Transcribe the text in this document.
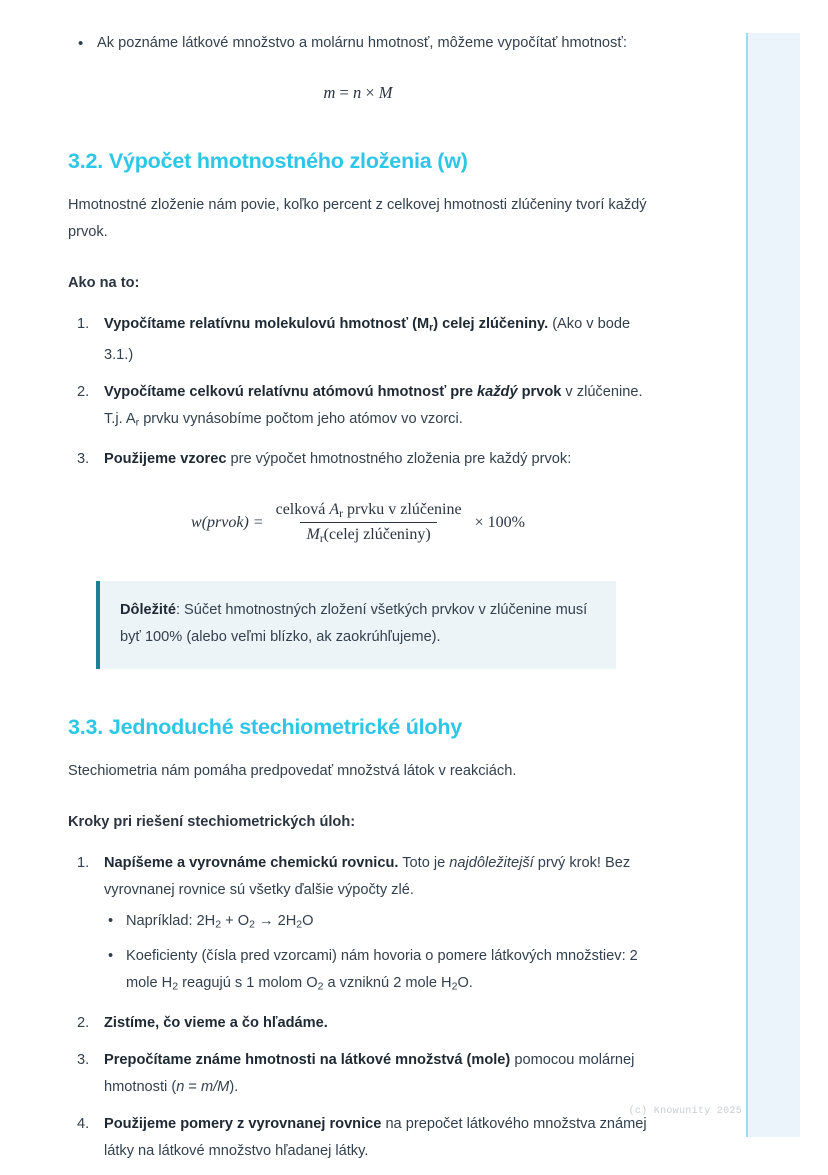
• Ak poznáme látkové množstvo a molárnu hmotnosť, môžeme vypočítať hmotnosť:
m = n × M
3.2. Výpočet hmotnostného zloženia (w)

Hmotnostné zloženie nám povie, koľko percent z celkovej hmotnosti zlúčeniny tvorí každý prvok.

Ako na to:

Vypočítame relatívnu molekulovú hmotnosť $(M_r)$ celej zlúčeniny. (Ako v bode 3.1.)
Vypočítame celkovú relatívnu atómovú hmotnosť pre každý prvok v zlúčenine. T.j. $A_r$ prvku vynásobíme počtom jeho atómov vo vzorci.
Použijeme vzorec pre výpočet hmotnostného zloženia pre každý prvok:
w(prvok) = $\frac{celková A_r prvku v zlúčenine}{M_r(celej zlúčeniny)} \times 100\%$

Dôležité: Súčet hmotnostných zložení všetkých prvkov v zlúčenine musí byť 100% (alebo veľmi blízko, ak zaokrúhľujeme).

3.3. Jednoduché stechiometrické úlohy

Stechiometria nám pomáha predpovedať množstvá látok v reakciách.

Kroky pri riešení stechiometrických úloh:

Napíšeme a vyrovnáme chemickú rovnicu. Toto je najdôležitejší prvý krok! Bez vyrovnanej rovnice sú všetky ďalšie výpočty zlé.
• Napríklad: $2H_2 + O_2 \to 2H_2O$
• Koeficienty (čísla pred vzorcami) nám hovoria o pomere látkových množstiev: 2 mole $H_2$ reagujú s 1 molom $O_2$ a vzniknú 2 mole $H_2O$.
Zistíme, čo vieme a čo hľadáme.
Prepočítame známe hmotnosti na látkové množstvá (mole) pomocou molárnej hmotnosti (n = m/M).
Použijeme pomery z vyrovnanej rovnice na prepočet látkového množstva známej látky na látkové množstvo hľadanej látky.
(c) Knowunity 2025
